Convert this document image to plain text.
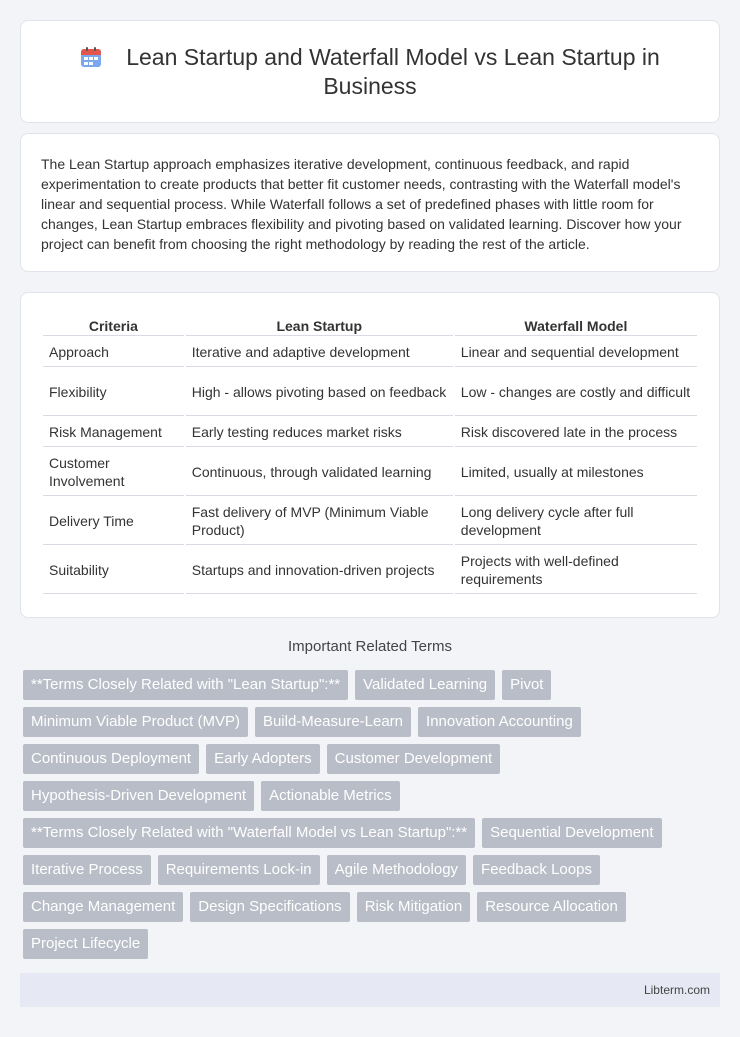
Lean Startup and Waterfall Model vs Lean Startup in Business

The Lean Startup approach emphasizes iterative development, continuous feedback, and rapid experimentation to create products that better fit customer needs, contrasting with the Waterfall model's linear and sequential process. While Waterfall follows a set of predefined phases with little room for changes, Lean Startup embraces flexibility and pivoting based on validated learning. Discover how your project can benefit from choosing the right methodology by reading the rest of the article.

Criteria	Lean Startup	Waterfall Model
Approach	Iterative and adaptive development	Linear and sequential development
Flexibility	High - allows pivoting based on feedback	Low - changes are costly and difficult
Risk Management	Early testing reduces market risks	Risk discovered late in the process
Customer Involvement	Continuous, through validated learning	Limited, usually at milestones
Delivery Time	Fast delivery of MVP (Minimum Viable Product)	Long delivery cycle after full development
Suitability	Startups and innovation-driven projects	Projects with well-defined requirements
Important Related Terms
**Terms Closely Related with "Lean Startup":**	Validated Learning	Pivot
Minimum Viable Product (MVP)	Build-Measure-Learn	Innovation Accounting
Continuous Deployment	Early Adopters	Customer Development
Hypothesis-Driven Development	Actionable Metrics
**Terms Closely Related with "Waterfall Model vs Lean Startup":**	Sequential Development
Iterative Process	Requirements Lock-in	Agile Methodology	Feedback Loops
Change Management	Design Specifications	Risk Mitigation	Resource Allocation
Project Lifecycle
Libterm.com
